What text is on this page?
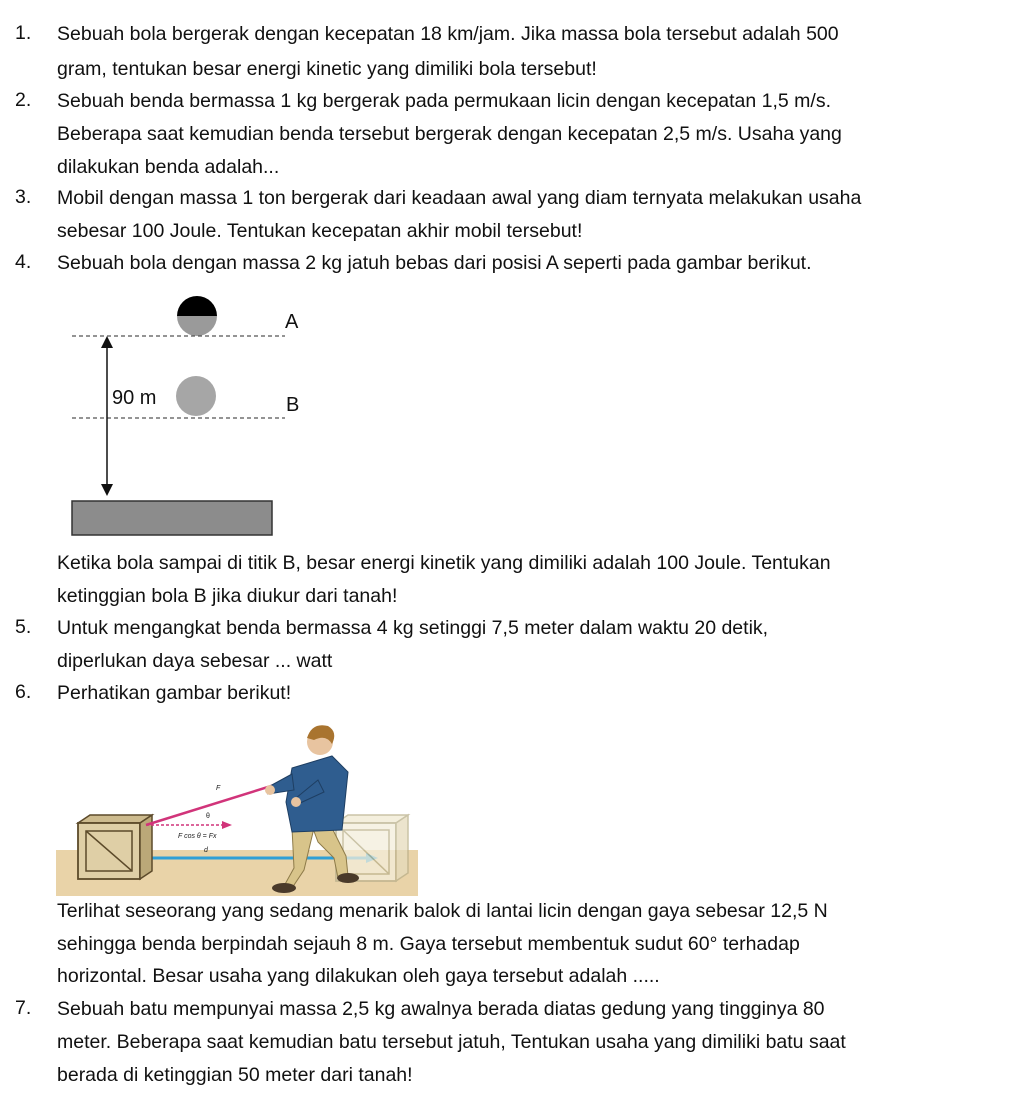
1. Sebuah bola bergerak dengan kecepatan 18 km/jam. Jika massa bola tersebut adalah 500
gram, tentukan besar energi kinetic yang dimiliki bola tersebut!
2. Sebuah benda bermassa 1 kg bergerak pada permukaan licin dengan kecepatan 1,5 m/s.
Beberapa saat kemudian benda tersebut bergerak dengan kecepatan 2,5 m/s. Usaha yang
dilakukan benda adalah...
3. Mobil dengan massa 1 ton bergerak dari keadaan awal yang diam ternyata melakukan usaha
sebesar 100 Joule. Tentukan kecepatan akhir mobil tersebut!
4. Sebuah bola dengan massa 2 kg jatuh bebas dari posisi A seperti pada gambar berikut.
A
B
90 m
Ketika bola sampai di titik B, besar energi kinetik yang dimiliki adalah 100 Joule. Tentukan
ketinggian bola B jika diukur dari tanah!
5. Untuk mengangkat benda bermassa 4 kg setinggi 7,5 meter dalam waktu 20 detik,
diperlukan daya sebesar ... watt
6. Perhatikan gambar berikut!
d
F
θ
F cos θ = Fx
Terlihat seseorang yang sedang menarik balok di lantai licin dengan gaya sebesar 12,5 N
sehingga benda berpindah sejauh 8 m. Gaya tersebut membentuk sudut 60° terhadap
horizontal. Besar usaha yang dilakukan oleh gaya tersebut adalah .....
7. Sebuah batu mempunyai massa 2,5 kg awalnya berada diatas gedung yang tingginya 80
meter. Beberapa saat kemudian batu tersebut jatuh, Tentukan usaha yang dimiliki batu saat
berada di ketinggian 50 meter dari tanah!
